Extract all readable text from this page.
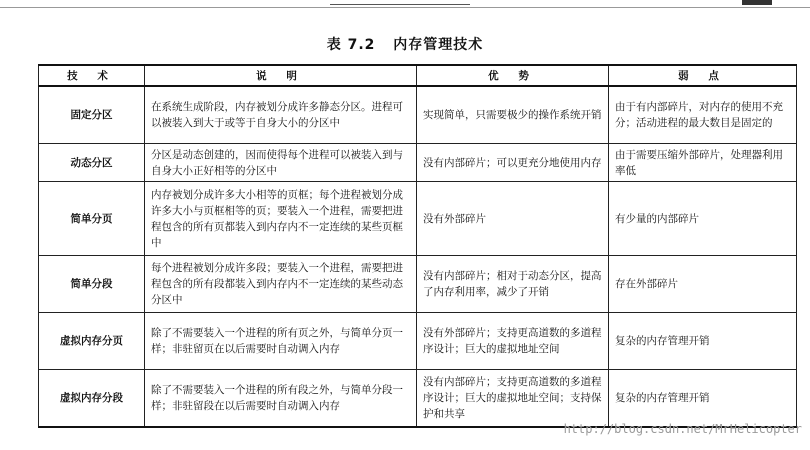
表 7.2 内存管理技术
技 术	说 明	优 势	弱 点
固定分区	在系统生成阶段，内存被划分成许多静态分区。进程可以被装入到大于或等于自身大小的分区中	实现简单，只需要极少的操作系统开销	由于有内部碎片，对内存的使用不充分；活动进程的最大数目是固定的
动态分区	分区是动态创建的，因而使得每个进程可以被装入到与自身大小正好相等的分区中	没有内部碎片；可以更充分地使用内存	由于需要压缩外部碎片，处理器利用率低
简单分页	内存被划分成许多大小相等的页框；每个进程被划分成许多大小与页框相等的页；要装入一个进程，需要把进程包含的所有页都装入到内存内不一定连续的某些页框中	没有外部碎片	有少量的内部碎片
简单分段	每个进程被划分成许多段；要装入一个进程，需要把进程包含的所有段都装入到内存内不一定连续的某些动态分区中	没有内部碎片；相对于动态分区，提高了内存利用率，减少了开销	存在外部碎片
虚拟内存分页	除了不需要装入一个进程的所有页之外，与简单分页一样；非驻留页在以后需要时自动调入内存	没有外部碎片；支持更高道数的多道程序设计；巨大的虚拟地址空间	复杂的内存管理开销
虚拟内存分段	除了不需要装入一个进程的所有段之外，与简单分段一样；非驻留段在以后需要时自动调入内存	没有内部碎片；支持更高道数的多道程序设计；巨大的虚拟地址空间；支持保护和共享	复杂的内存管理开销
http://blog.csdn.net/MrHelicopter
